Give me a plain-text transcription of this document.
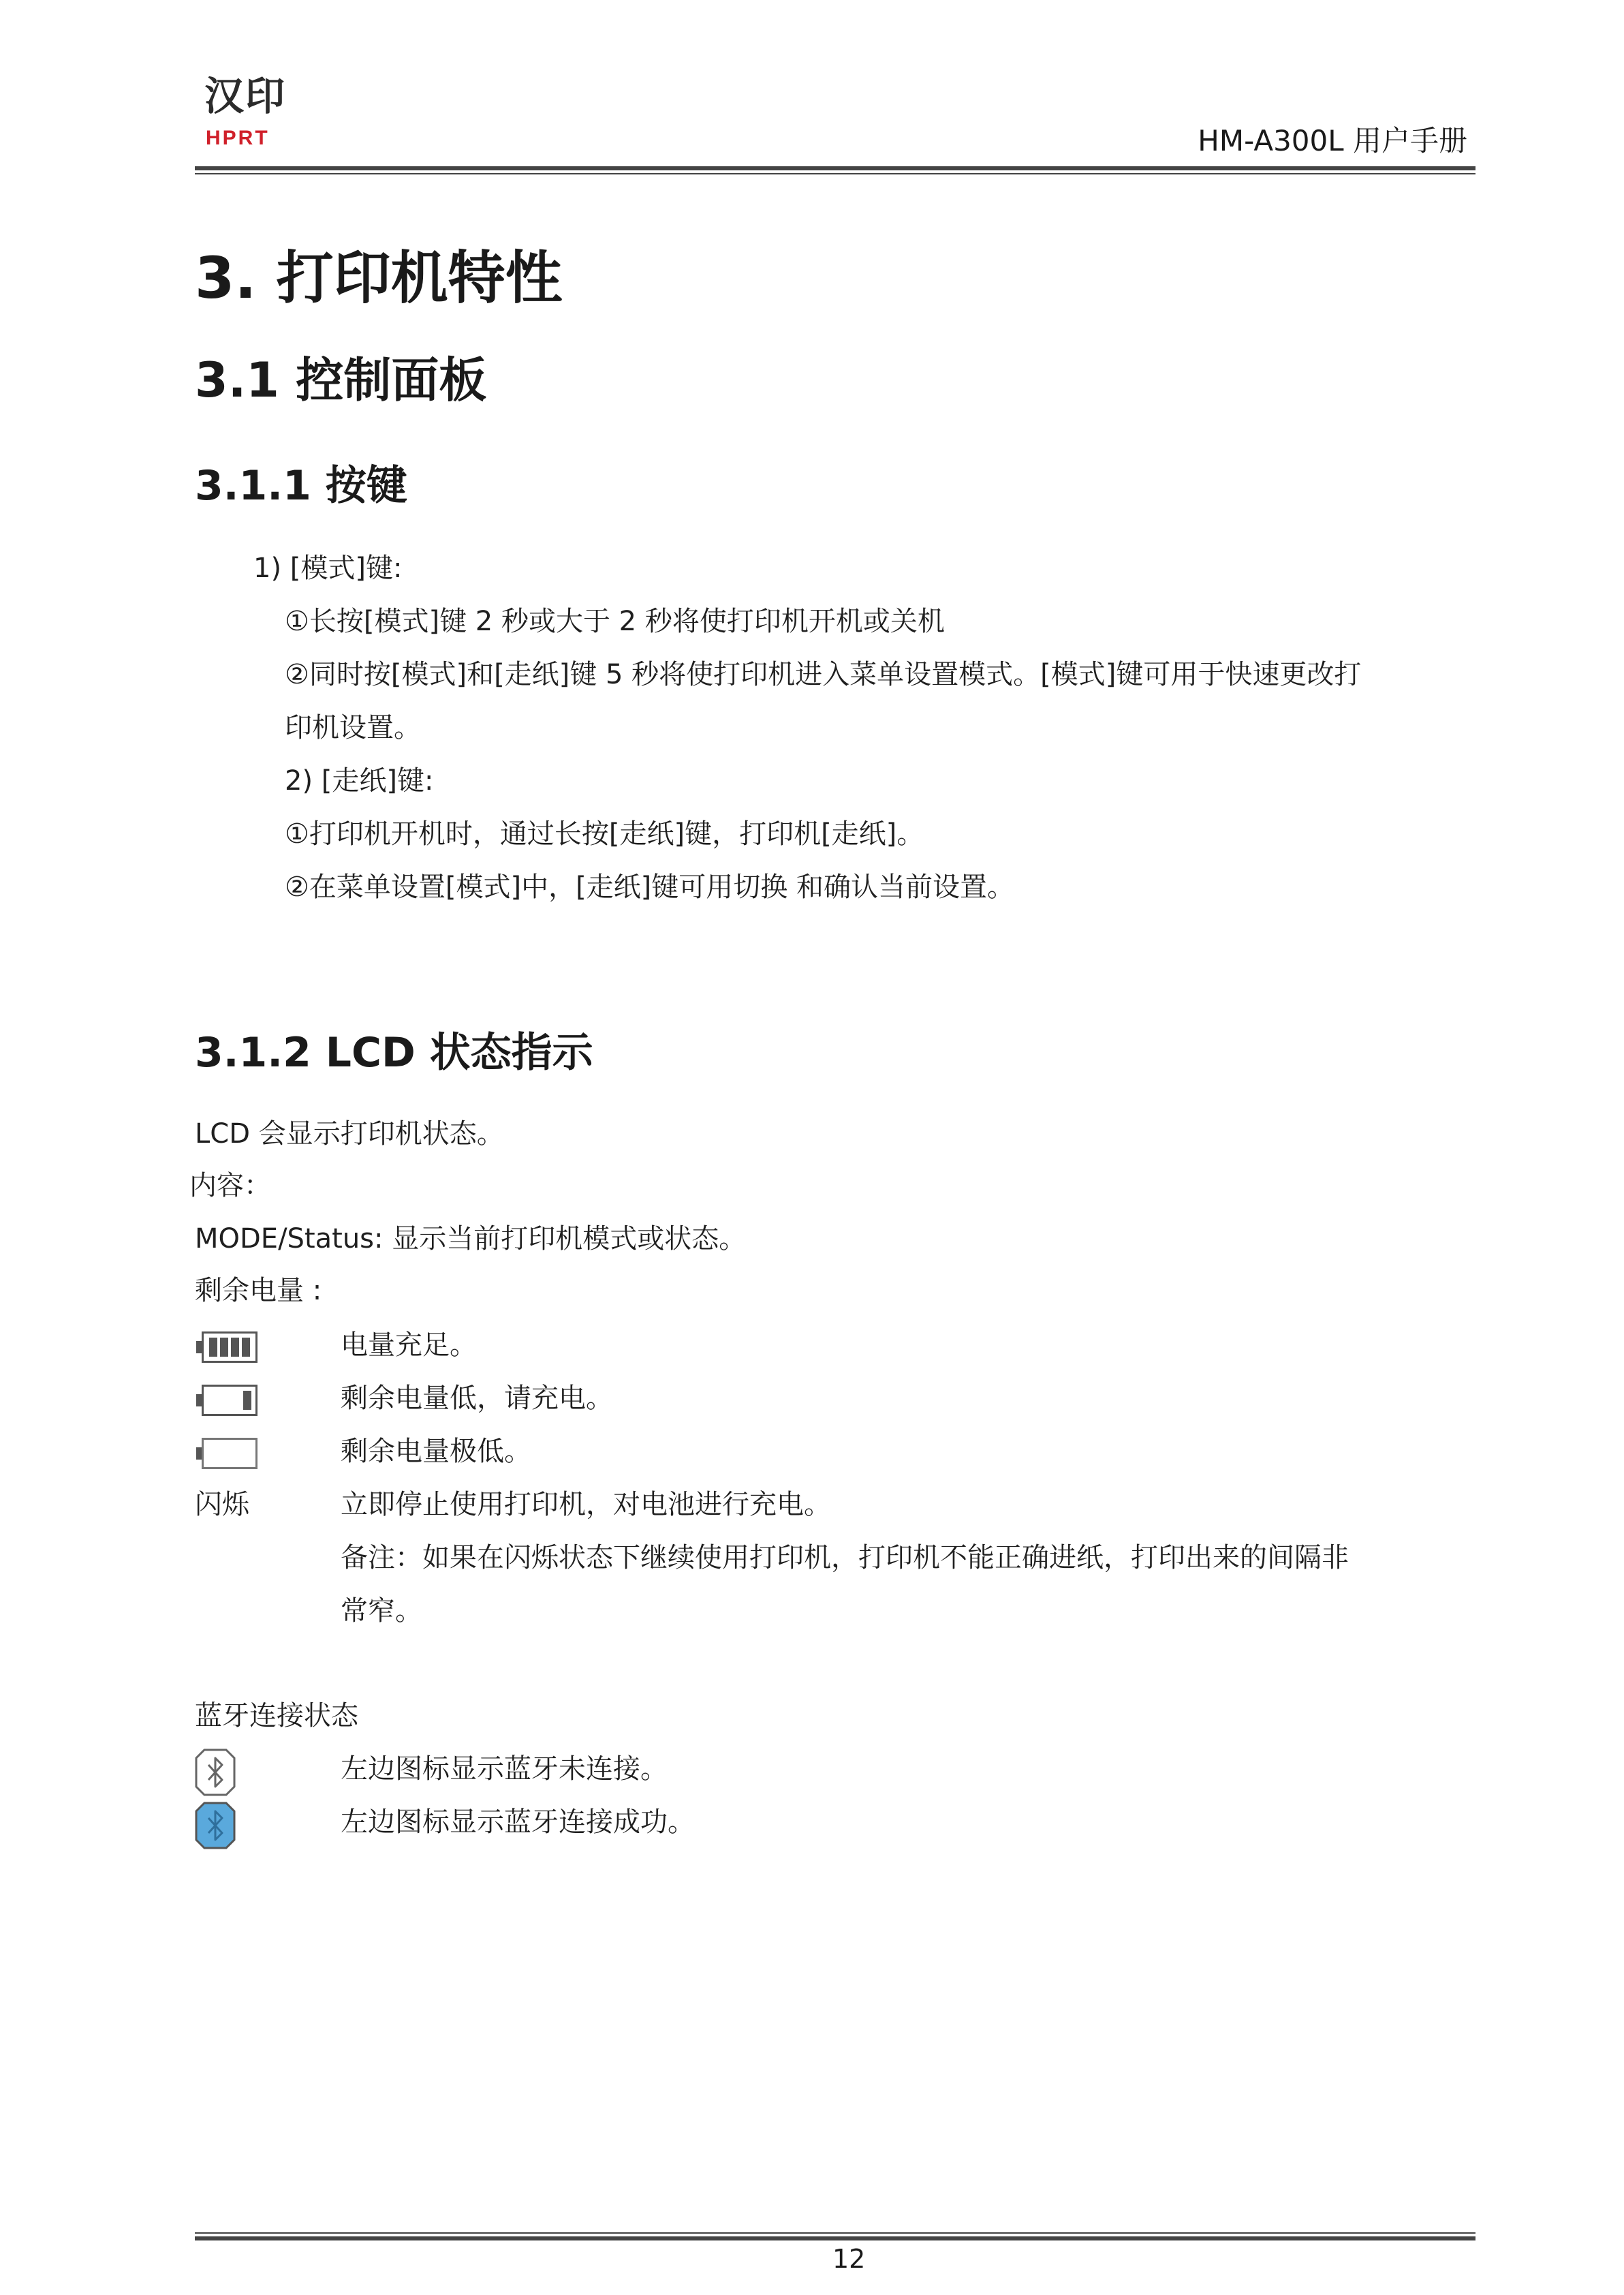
汉印
HPRT	HM-A300L 用户手册
3. 打印机特性
3.1 控制面板
3.1.1 按键
1) [模式]键:
①长按[模式]键 2 秒或大于 2 秒将使打印机开机或关机
②同时按[模式]和[走纸]键 5 秒将使打印机进入菜单设置模式。[模式]键可用于快速更改打
印机设置。
2) [走纸]键:
①打印机开机时，通过长按[走纸]键，打印机[走纸]。
②在菜单设置[模式]中，[走纸]键可用切换 和确认当前设置。
3.1.2 LCD 状态指示
LCD 会显示打印机状态。
内容：
MODE/Status: 显示当前打印机模式或状态。
剩余电量 :
电量充足。
剩余电量低，请充电。
剩余电量极低。
闪烁	立即停止使用打印机，对电池进行充电。
备注：如果在闪烁状态下继续使用打印机，打印机不能正确进纸，打印出来的间隔非
常窄。
蓝牙连接状态
左边图标显示蓝牙未连接。
左边图标显示蓝牙连接成功。
12
